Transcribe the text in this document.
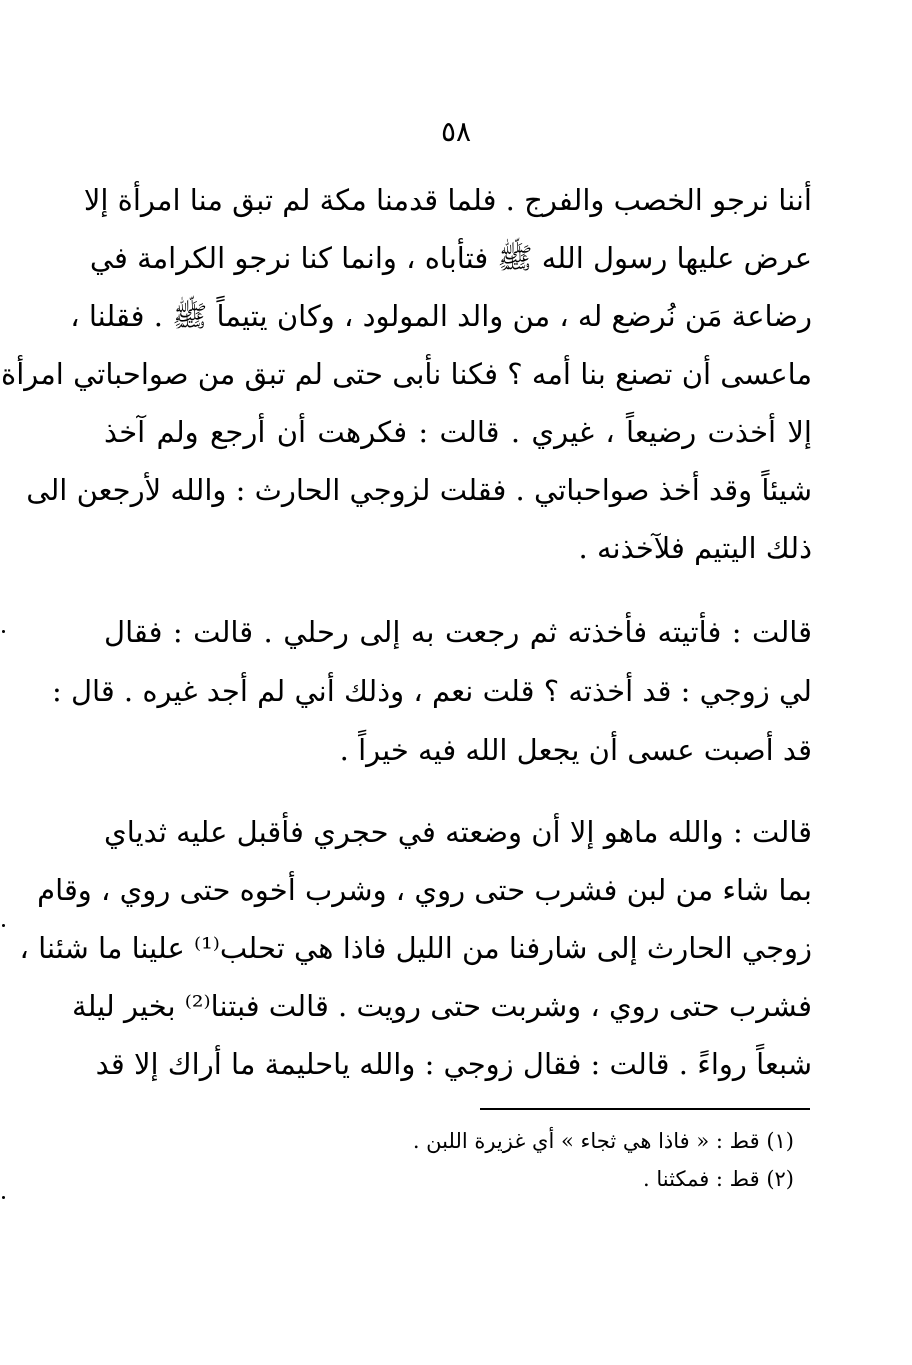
٥٨
أننا نرجو الخصب والفرج . فلما قدمنا مكة لم تبق منا امرأة إلا
عرض عليها رسول الله ﷺ فتأباه ، وانما كنا نرجو الكرامة في
رضاعة مَن نُرضع له ، من والد المولود ، وكان يتيماً ﷺ . فقلنا ،
ماعسى أن تصنع بنا أمه ؟ فكنا نأبى حتى لم تبق من صواحباتي امرأة
إلا أخذت رضيعاً ، غيري . قالت : فكرهت أن أرجع ولم آخذ
شيئاً وقد أخذ صواحباتي . فقلت لزوجي الحارث : والله لأرجعن الى
ذلك اليتيم فلآخذنه .
قالت : فأتيته فأخذته ثم رجعت به إلى رحلي . قالت : فقال
لي زوجي : قد أخذته ؟ قلت نعم ، وذلك أني لم أجد غيره . قال :
قد أصبت عسى أن يجعل الله فيه خيراً .
قالت : والله ماهو إلا أن وضعته في حجري فأقبل عليه ثدياي
بما شاء من لبن فشرب حتى روي ، وشرب أخوه حتى روي ، وقام
زوجي الحارث إلى شارفنا من الليل فاذا هي تحلب⁽¹⁾ علينا ما شئنا ،
فشرب حتى روي ، وشربت حتى رويت . قالت فبتنا⁽²⁾ بخير ليلة
شبعاً رواءً . قالت : فقال زوجي : والله ياحليمة ما أراك إلا قد
(١) قط : « فاذا هي ثجاء » أي غزيرة اللبن .
(٢) قط : فمكثنا .
